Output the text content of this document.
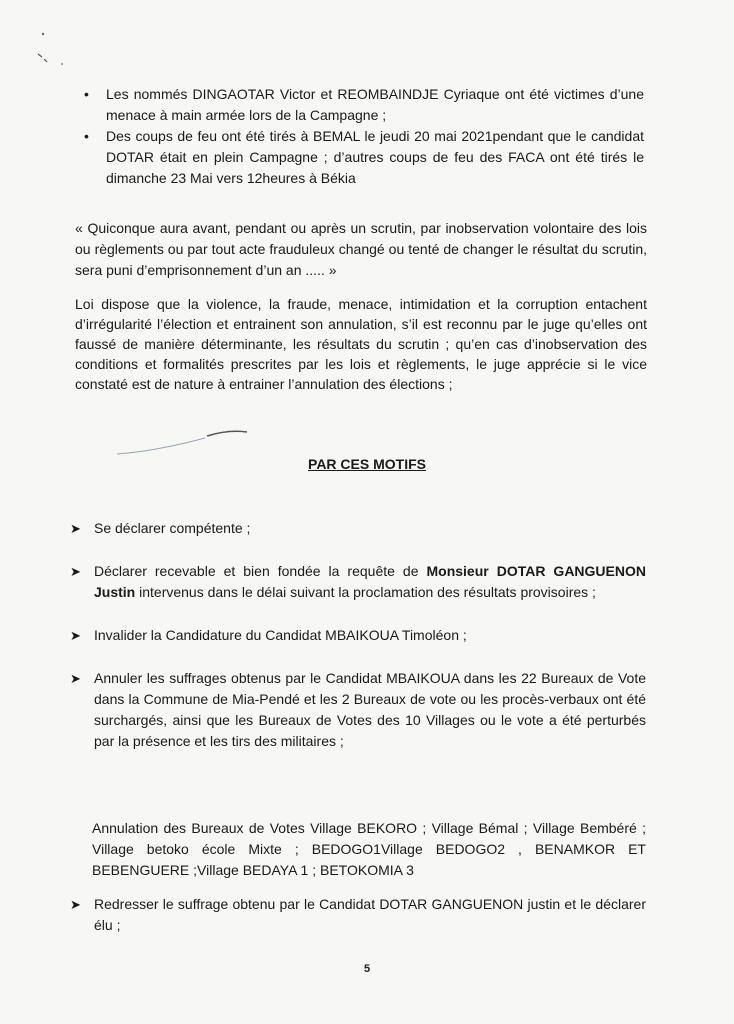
•	Les nommés DINGAOTAR Victor et REOMBAINDJE Cyriaque ont été victimes d’une menace à main armée lors de la Campagne ;
•	Des coups de feu ont été tirés à BEMAL le jeudi 20 mai 2021pendant que le candidat DOTAR était en plein Campagne ; d’autres coups de feu des FACA ont été tirés le dimanche 23 Mai vers 12heures à Békia
« Quiconque aura avant, pendant ou après un scrutin, par inobservation volontaire des lois ou règlements ou par tout acte frauduleux changé ou tenté de changer le résultat du scrutin, sera puni d’emprisonnement d’un an ..... »
Loi dispose que la violence, la fraude, menace, intimidation et la corruption entachent d’irrégularité l’élection et entrainent son annulation, s’il est reconnu par le juge qu’elles ont faussé de manière déterminante, les résultats du scrutin ; qu’en cas d’inobservation des conditions et formalités prescrites par les lois et règlements, le juge apprécie si le vice constaté est de nature à entrainer l’annulation des élections ;
PAR CES MOTIFS
➤ Se déclarer compétente ;
➤ Déclarer recevable et bien fondée la requête de Monsieur DOTAR GANGUENON Justin intervenus dans le délai suivant la proclamation des résultats provisoires ;
➤ Invalider la Candidature du Candidat MBAIKOUA Timoléon ;
➤ Annuler les suffrages obtenus par le Candidat MBAIKOUA dans les 22 Bureaux de Vote dans la Commune de Mia-Pendé et les 2 Bureaux de vote ou les procès-verbaux ont été surchargés, ainsi que les Bureaux de Votes des 10 Villages ou le vote a été perturbés par la présence et les tirs des militaires ;
Annulation des Bureaux de Votes Village BEKORO ; Village Bémal ; Village Bembéré ; Village betoko école Mixte ; BEDOGO1Village BEDOGO2 , BENAMKOR ET BEBENGUERE ;Village BEDAYA 1 ; BETOKOMIA 3
➤ Redresser le suffrage obtenu par le Candidat DOTAR GANGUENON justin et le déclarer élu ;
5
